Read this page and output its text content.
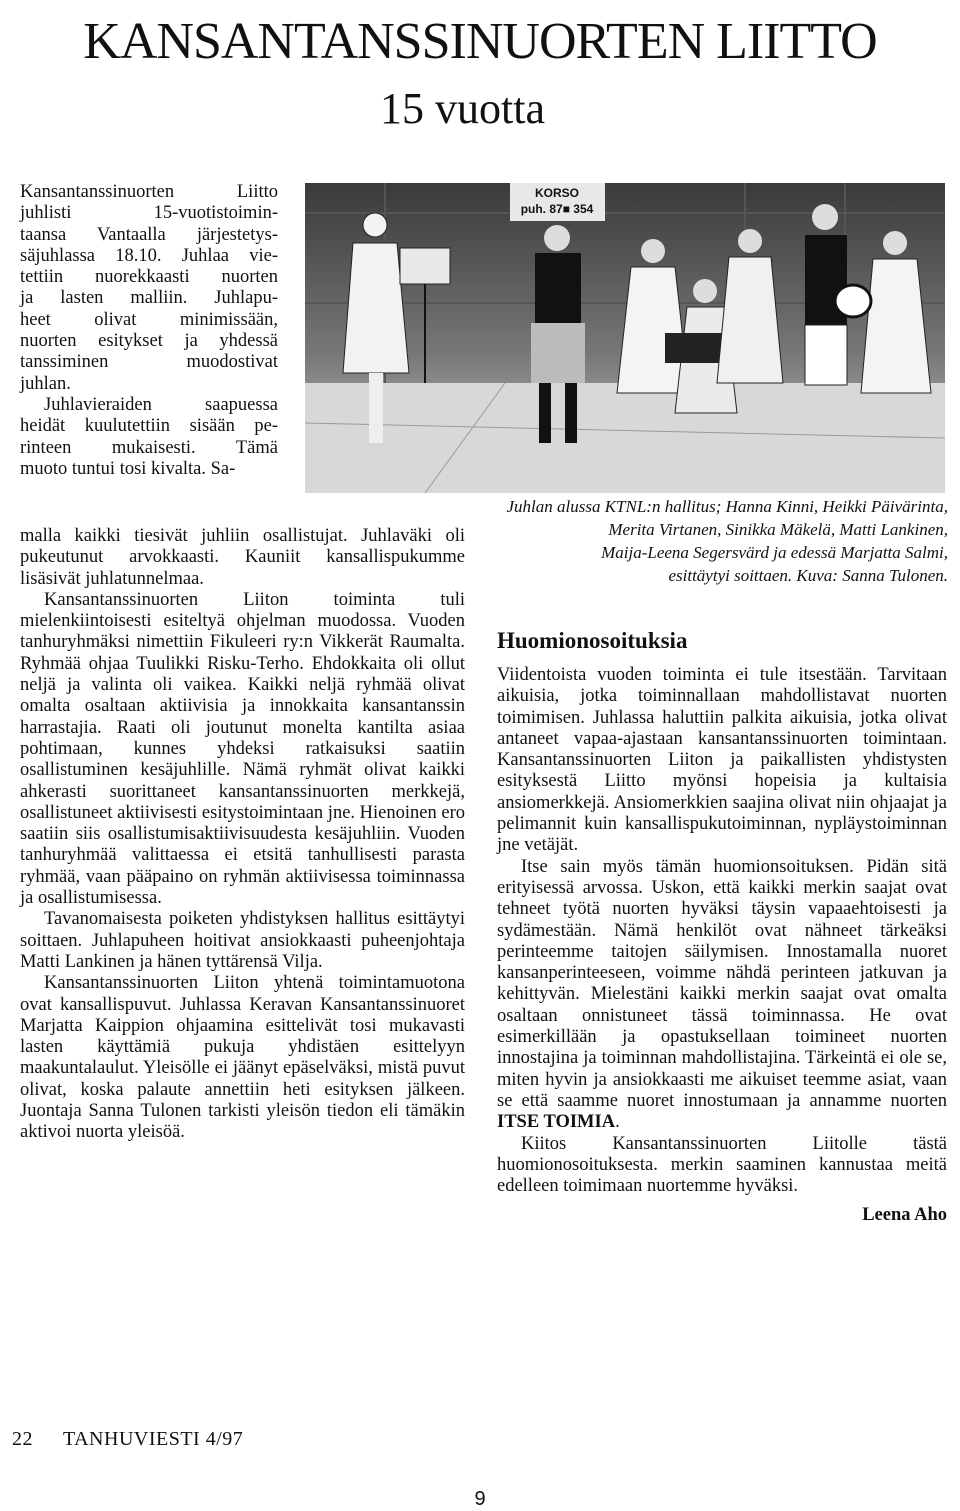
KANSANTANSSINUORTEN LIITTO
15 vuotta
Kansantanssinuorten Liitto
juhlisti 15-vuotistoimin-
taansa Vantaalla järjestetys-
säjuhlassa 18.10. Juhlaa vie-
tettiin nuorekkaasti nuorten
ja lasten malliin. Juhlapu-
heet olivat minimissään,
nuorten esitykset ja yhdessä
tanssiminen muodostivat
juhlan.
Juhlavieraiden saapuessa
heidät kuulutettiin sisään pe-
rinteen mukaisesti. Tämä
muoto tuntui tosi kivalta. Sa-
KORSO
puh. 87■ 354
Juhlan alussa KTNL:n hallitus; Hanna Kinni, Heikki Päivärinta,
Merita Virtanen, Sinikka Mäkelä, Matti Lankinen,
Maija-Leena Segersvärd ja edessä Marjatta Salmi,
esittäytyi soittaen. Kuva: Sanna Tulonen.

malla kaikki tiesivät juhliin osallistujat. Juhlaväki oli pukeutunut arvokkaasti. Kauniit kansallispukumme lisäsivät juhlatunnelmaa.

Kansantanssinuorten Liiton toiminta tuli mielenkiintoisesti esiteltyä ohjelman muodossa. Vuoden tanhuryhmäksi nimettiin Fikuleeri ry:n Vikkerät Raumalta. Ryhmää ohjaa Tuulikki Risku-Terho. Ehdokkaita oli ollut neljä ja valinta oli vaikea. Kaikki neljä ryhmää olivat omalta osaltaan aktiivisia ja innokkaita kansantanssin harrastajia. Raati oli joutunut monelta kantilta asiaa pohtimaan, kunnes yhdeksi ratkaisuksi saatiin osallistuminen kesäjuhlille. Nämä ryhmät olivat kaikki ahkerasti suorittaneet kansantanssinuorten merkkejä, osallistuneet aktiivisesti esitystoimintaan jne. Hienoinen ero saatiin siis osallistumisaktiivisuudesta kesäjuhliin. Vuoden tanhuryhmää valittaessa ei etsitä tanhullisesti parasta ryhmää, vaan pääpaino on ryhmän aktiivisessa toiminnassa ja osallistumisessa.

Tavanomaisesta poiketen yhdistyksen hallitus esittäytyi soittaen. Juhlapuheen hoitivat ansiokkaasti puheenjohtaja Matti Lankinen ja hänen tyttärensä Vilja.

Kansantanssinuorten Liiton yhtenä toimintamuotona ovat kansallispuvut. Juhlassa Keravan Kansantanssinuoret Marjatta Kaippion ohjaamina esittelivät tosi mukavasti lasten käyttämiä pukuja yhdistäen esittelyyn maakuntalaulut. Yleisölle ei jäänyt epäselväksi, mistä puvut olivat, koska palaute annettiin heti esityksen jälkeen. Juontaja Sanna Tulonen tarkisti yleisön tiedon eli tämäkin aktivoi nuorta yleisöä.

Huomionosoituksia

Viidentoista vuoden toiminta ei tule itsestään. Tarvitaan aikuisia, jotka toiminnallaan mahdollistavat nuorten toimimisen. Juhlassa haluttiin palkita aikuisia, jotka olivat antaneet vapaa-ajastaan kansantanssinuorten toimintaan. Kansantanssinuorten Liiton ja paikallisten yhdistysten esityksestä Liitto myönsi hopeisia ja kultaisia ansiomerkkejä. Ansiomerkkien saajina olivat niin ohjaajat ja pelimannit kuin kansallispukutoiminnan, nypläystoiminnan jne vetäjät.

Itse sain myös tämän huomionsoituksen. Pidän sitä erityisessä arvossa. Uskon, että kaikki merkin saajat ovat tehneet työtä nuorten hyväksi täysin vapaaehtoisesti ja sydämestään. Nämä henkilöt ovat nähneet tärkeäksi perinteemme taitojen säilymisen. Innostamalla nuoret kansanperinteeseen, voimme nähdä perinteen jatkuvan ja kehittyvän. Mielestäni kaikki merkin saajat ovat omalta osaltaan onnistuneet tässä toiminnassa. He ovat esimerkillään ja opastuksellaan toimineet nuorten innostajina ja toiminnan mahdollistajina. Tärkeintä ei ole se, miten hyvin ja ansiokkaasti me aikuiset teemme asiat, vaan se että saamme nuoret innostumaan ja annamme nuorten ITSE TOIMIA.

Kiitos Kansantanssinuorten Liitolle tästä huomionosoituksesta. merkin saaminen kannustaa meitä edelleen toimimaan nuortemme hyväksi.

Leena Aho

22 TANHUVIESTI 4/97
9
